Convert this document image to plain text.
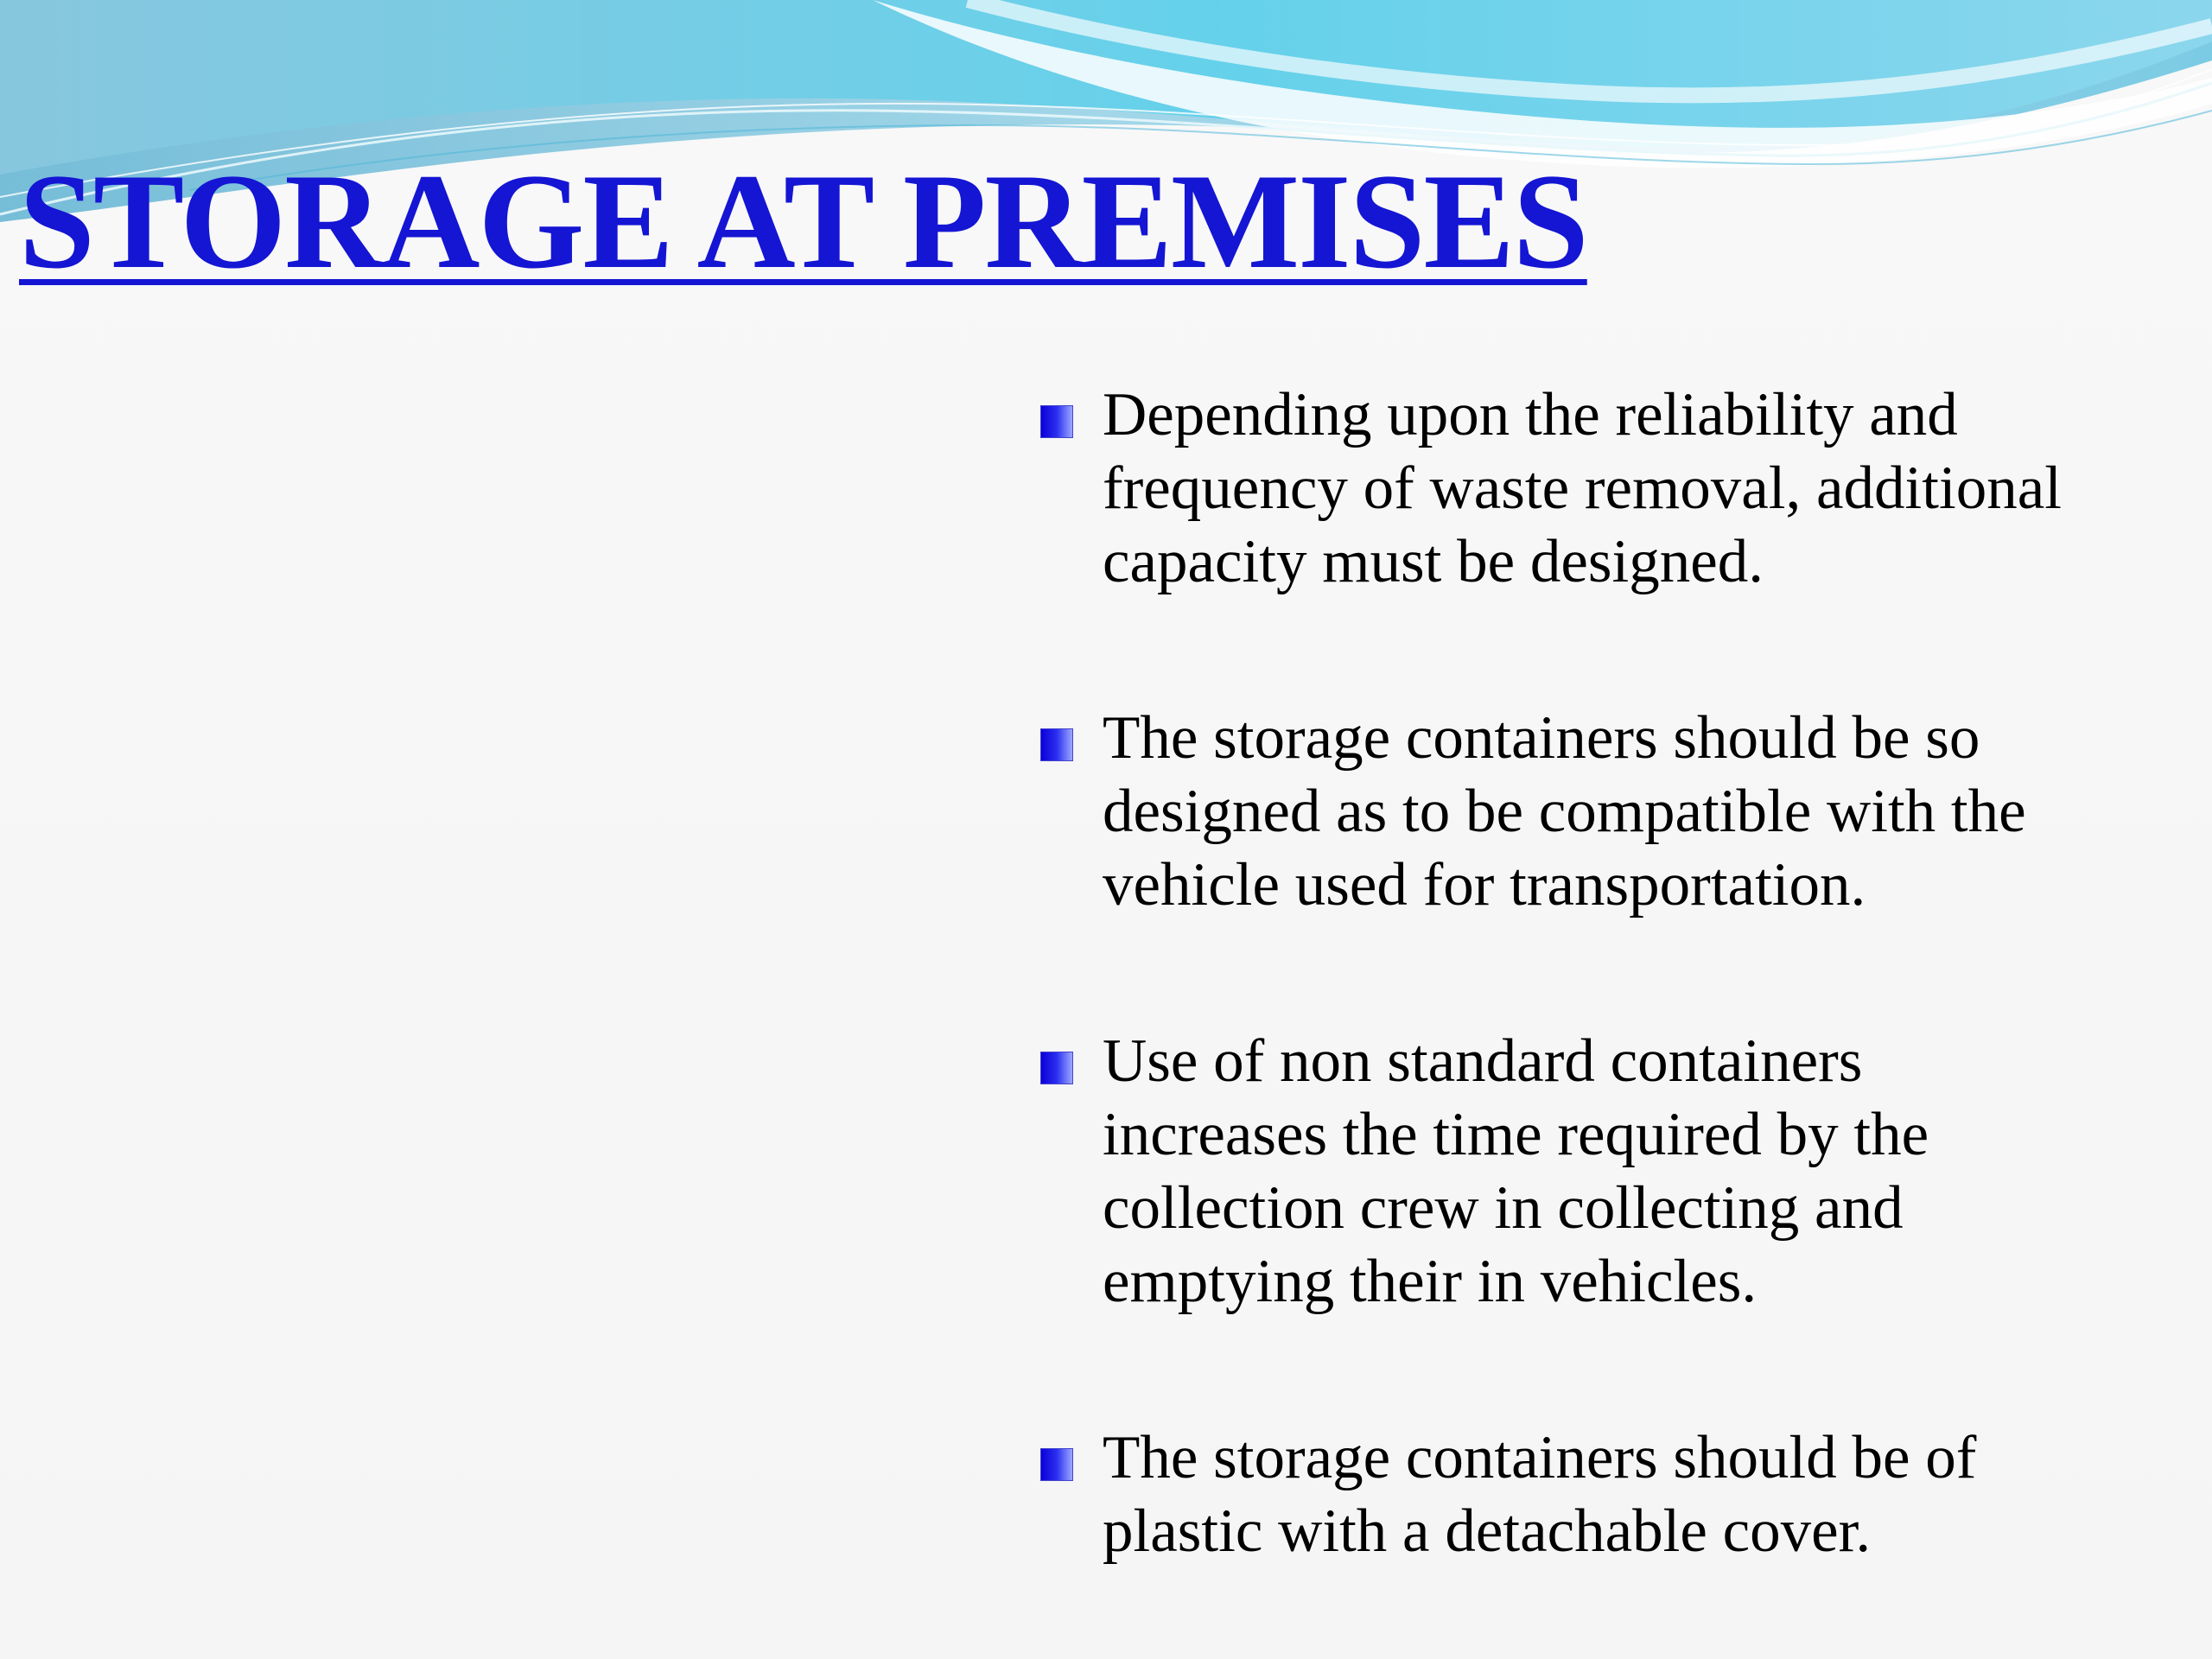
STORAGE AT PREMISES

Depending upon the reliability and
frequency of waste removal, additional
capacity must be designed.

The storage containers should be so
designed as to be compatible with the
vehicle used for transportation.

Use of non standard containers
increases the time required by the
collection crew in collecting and
emptying their in vehicles.

The storage containers should be of
plastic with a detachable cover.
